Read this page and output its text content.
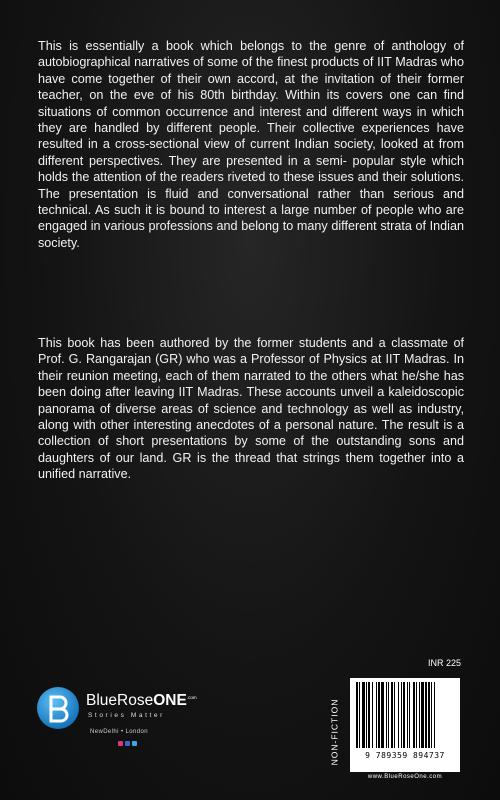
This is essentially a book which belongs to the genre of anthology of autobiographical narratives of some of the finest products of IIT Madras who have come together of their own accord, at the invitation of their former teacher, on the eve of his 80th birthday. Within its covers one can find situations of common occurrence and interest and different ways in which they are handled by different people. Their collective experiences have resulted in a cross-sectional view of current Indian society, looked at from different perspectives. They are presented in a semi- popular style which holds the attention of the readers riveted to these issues and their solutions. The presentation is fluid and conversational rather than serious and technical. As such it is bound to interest a large number of people who are engaged in various professions and belong to many different strata of Indian society.
This book has been authored by the former students and a classmate of Prof. G. Rangarajan (GR) who was a Professor of Physics at IIT Madras. In their reunion meeting, each of them narrated to the others what he/she has been doing after leaving IIT Madras. These accounts unveil a kaleidoscopic panorama of diverse areas of science and technology as well as industry, along with other interesting anecdotes of a personal nature. The result is a collection of short presentations by some of the outstanding sons and daughters of our land. GR is the thread that strings them together into a unified narrative.
BlueRoseONE$^{.com}$
Stories Matter
NewDelhi • London
INR 225
NON-FICTION	9 789359 894737
www.BlueRoseOne.com
